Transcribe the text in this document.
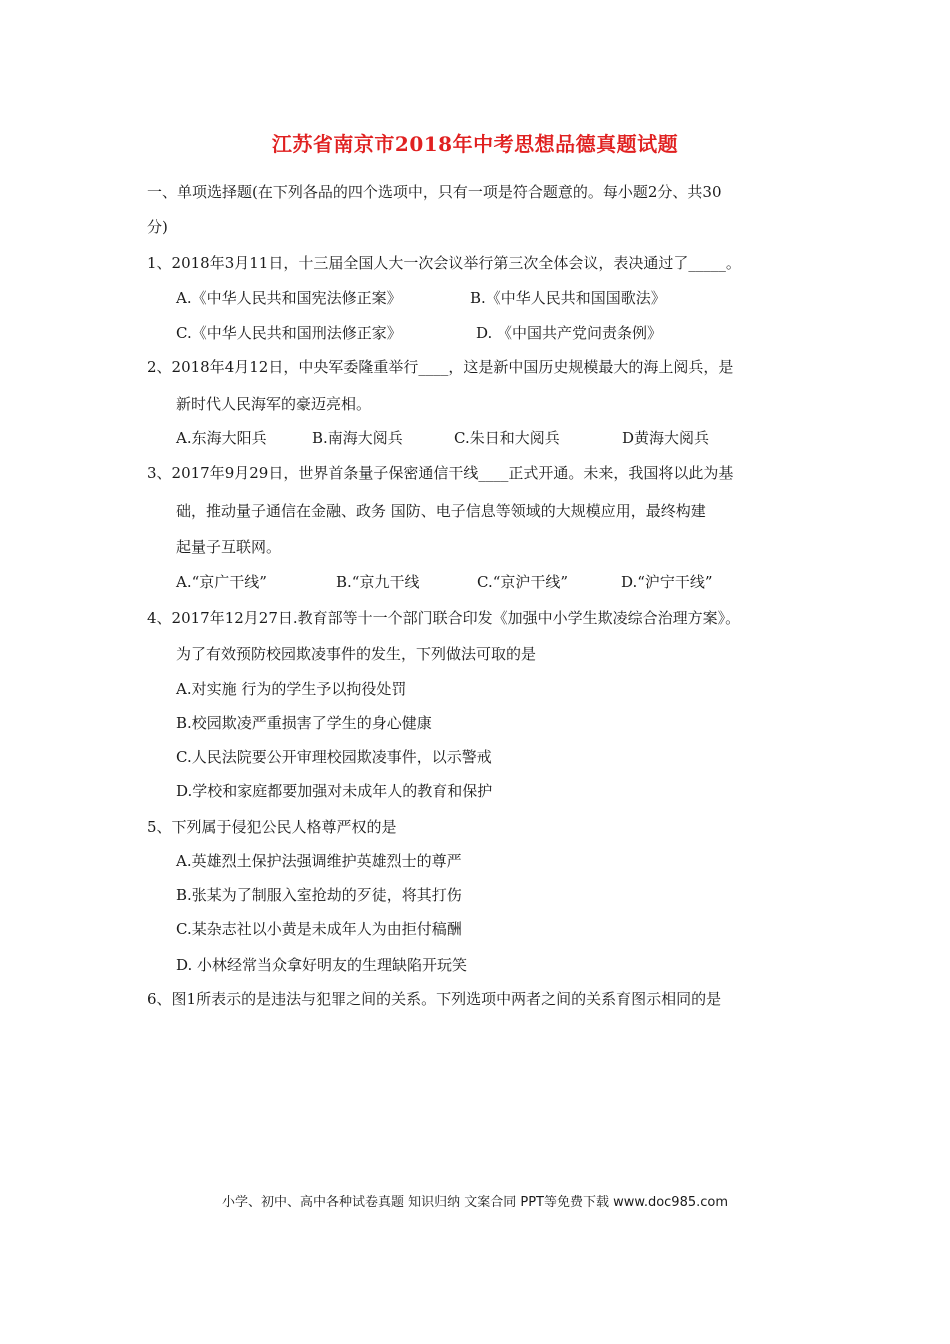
江苏省南京市2018年中考思想品德真题试题
一、单项选择题(在下列各品的四个选项中，只有一项是符合题意的。每小题2分、共30
分)
1、2018年3月11日，十三届全国人大一次会议举行第三次全体会议，表决通过了_____。
A.《中华人民共和国宪法修正案》	B.《中华人民共和国国歌法》
C.《中华人民共和国刑法修正家》	D. 《中国共产党问责条例》
2、2018年4月12日，中央军委隆重举行____，这是新中国历史规模最大的海上阅兵，是
新时代人民海军的豪迈亮相。
A.东海大阳兵	B.南海大阅兵	C.朱日和大阅兵	D黄海大阅兵
3、2017年9月29日，世界首条量子保密通信干线____正式开通。未来，我国将以此为基
础，推动量子通信在金融、政务 国防、电子信息等领域的大规模应用，最终构建
起量子互联网。
A.“京广干线”	B.“京九干线	C.“京沪干线”	D.“沪宁干线”
4、2017年12月27日.教育部等十一个部门联合印发《加强中小学生欺凌综合治理方案》。
为了有效预防校园欺凌事件的发生，下列做法可取的是
A.对实施 行为的学生予以拘役处罚
B.校园欺凌严重损害了学生的身心健康
C.人民法院要公开审理校园欺凌事件，以示警戒
D.学校和家庭都要加强对未成年人的教育和保护
5、下列属于侵犯公民人格尊严权的是
A.英雄烈土保护法强调维护英雄烈士的尊严
B.张某为了制服入室抢劫的歹徒，将其打伤
C.某杂志社以小黄是未成年人为由拒付稿酬
D. 小林经常当众拿好明友的生理缺陷开玩笑
6、图1所表示的是违法与犯罪之间的关系。下列选项中两者之间的关系育图示相同的是
小学、初中、高中各种试卷真题 知识归纳 文案合同 PPT等免费下载 www.doc985.com
